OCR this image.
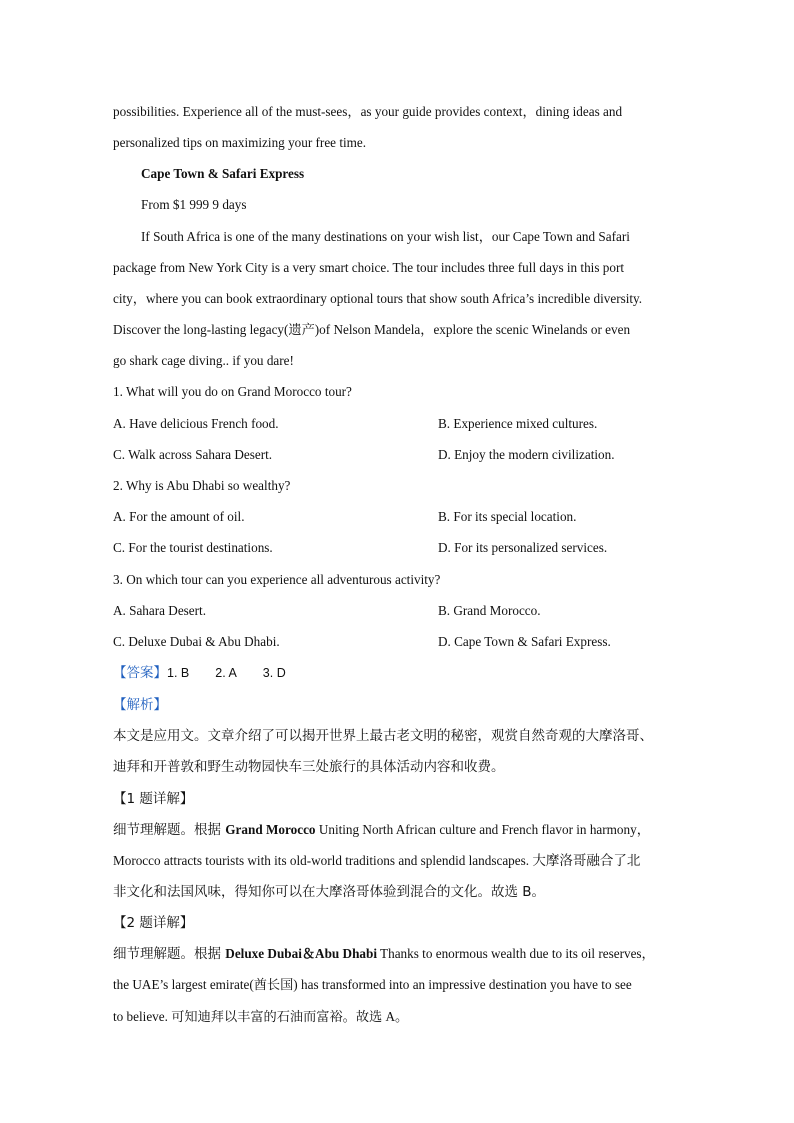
possibilities. Experience all of the must-sees，as your guide provides context，dining ideas and
personalized tips on maximizing your free time.
Cape Town & Safari Express
From $1 999 9 days
If South Africa is one of the many destinations on your wish list，our Cape Town and Safari
package from New York City is a very smart choice. The tour includes three full days in this port
city，where you can book extraordinary optional tours that show south Africa’s incredible diversity.
Discover the long-lasting legacy(遗产)of Nelson Mandela，explore the scenic Winelands or even
go shark cage diving.. if you dare!
1. What will you do on Grand Morocco tour?
A. Have delicious French food.	B. Experience mixed cultures.
C. Walk across Sahara Desert.	D. Enjoy the modern civilization.
2. Why is Abu Dhabi so wealthy?
A. For the amount of oil.	B. For its special location.
C. For the tourist destinations.	D. For its personalized services.
3. On which tour can you experience all adventurous activity?
A. Sahara Desert.	B. Grand Morocco.
C. Deluxe Dubai & Abu Dhabi.	D. Cape Town & Safari Express.
【答案】1. B 2. A 3. D
【解析】
本文是应用文。文章介绍了可以揭开世界上最古老文明的秘密，观赏自然奇观的大摩洛哥、
迪拜和开普敦和野生动物园快车三处旅行的具体活动内容和收费。
【1 题详解】
细节理解题。根据 Grand Morocco Uniting North African culture and French flavor in harmony，
Morocco attracts tourists with its old-world traditions and splendid landscapes. 大摩洛哥融合了北
非文化和法国风味，得知你可以在大摩洛哥体验到混合的文化。故选 B。
【2 题详解】
细节理解题。根据 Deluxe Dubai＆Abu Dhabi Thanks to enormous wealth due to its oil reserves，
the UAE’s largest emirate(酋长国) has transformed into an impressive destination you have to see
to believe. 可知迪拜以丰富的石油而富裕。故选 A。
